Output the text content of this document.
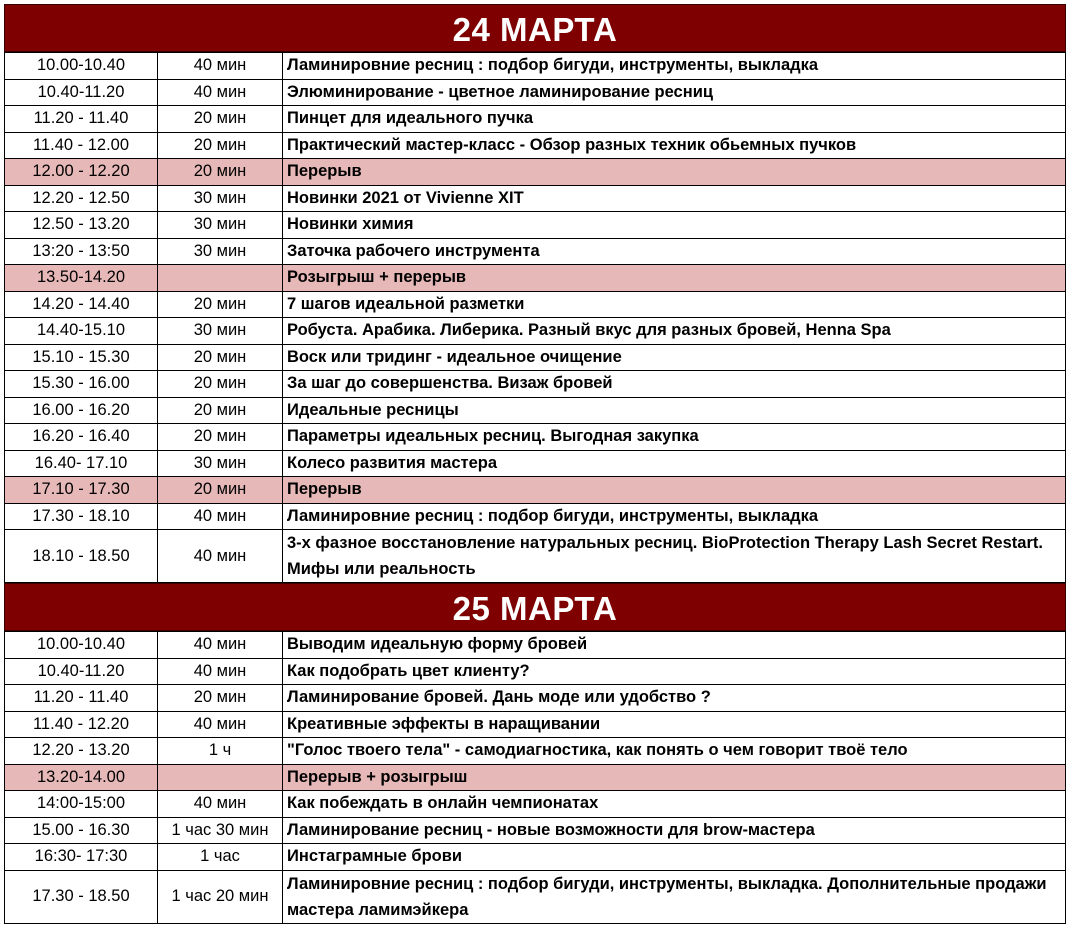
24 МАРТА
10.00-10.40	40 мин	Ламинировние ресниц : подбор бигуди, инструменты, выкладка
10.40-11.20	40 мин	Элюминирование - цветное ламинирование ресниц
11.20 - 11.40	20 мин	Пинцет для идеального пучка
11.40 - 12.00	20 мин	Практический мастер-класс - Обзор разных техник обьемных пучков
12.00 - 12.20	20 мин	Перерыв
12.20 - 12.50	30 мин	Новинки 2021 от Vivienne XIT
12.50 - 13.20	30 мин	Новинки химия
13:20 - 13:50	30 мин	Заточка рабочего инструмента
13.50-14.20		Розыгрыш + перерыв
14.20 - 14.40	20 мин	7 шагов идеальной разметки
14.40-15.10	30 мин	Робуста. Арабика. Либерика. Разный вкус для разных бровей, Henna Spa
15.10 - 15.30	20 мин	Воск или тридинг - идеальное очищение
15.30 - 16.00	20 мин	За шаг до совершенства. Визаж бровей
16.00 - 16.20	20 мин	Идеальные ресницы
16.20 - 16.40	20 мин	Параметры идеальных ресниц. Выгодная закупка
16.40- 17.10	30 мин	Колесо развития мастера
17.10 - 17.30	20 мин	Перерыв
17.30 - 18.10	40 мин	Ламинировние ресниц : подбор бигуди, инструменты, выкладка
18.10 - 18.50	40 мин	3-х фазное восстановление натуральных ресниц. BioProtection Therapy Lash Secret Restart. Мифы или реальность
25 МАРТА
10.00-10.40	40 мин	Выводим идеальную форму бровей
10.40-11.20	40 мин	Как подобрать цвет клиенту?
11.20 - 11.40	20 мин	Ламинирование бровей. Дань моде или удобство ?
11.40 - 12.20	40 мин	Креативные эффекты в наращивании
12.20 - 13.20	1 ч	"Голос твоего тела" - самодиагностика, как понять о чем говорит твоё тело
13.20-14.00		Перерыв + розыгрыш
14:00-15:00	40 мин	Как побеждать в онлайн чемпионатах
15.00 - 16.30	1 час 30 мин	Ламинирование ресниц - новые возможности для brow-мастера
16:30- 17:30	1 час	Инстаграмные брови
17.30 - 18.50	1 час 20 мин	Ламинировние ресниц : подбор бигуди, инструменты, выкладка. Дополнительные продажи мастера ламимэйкера
